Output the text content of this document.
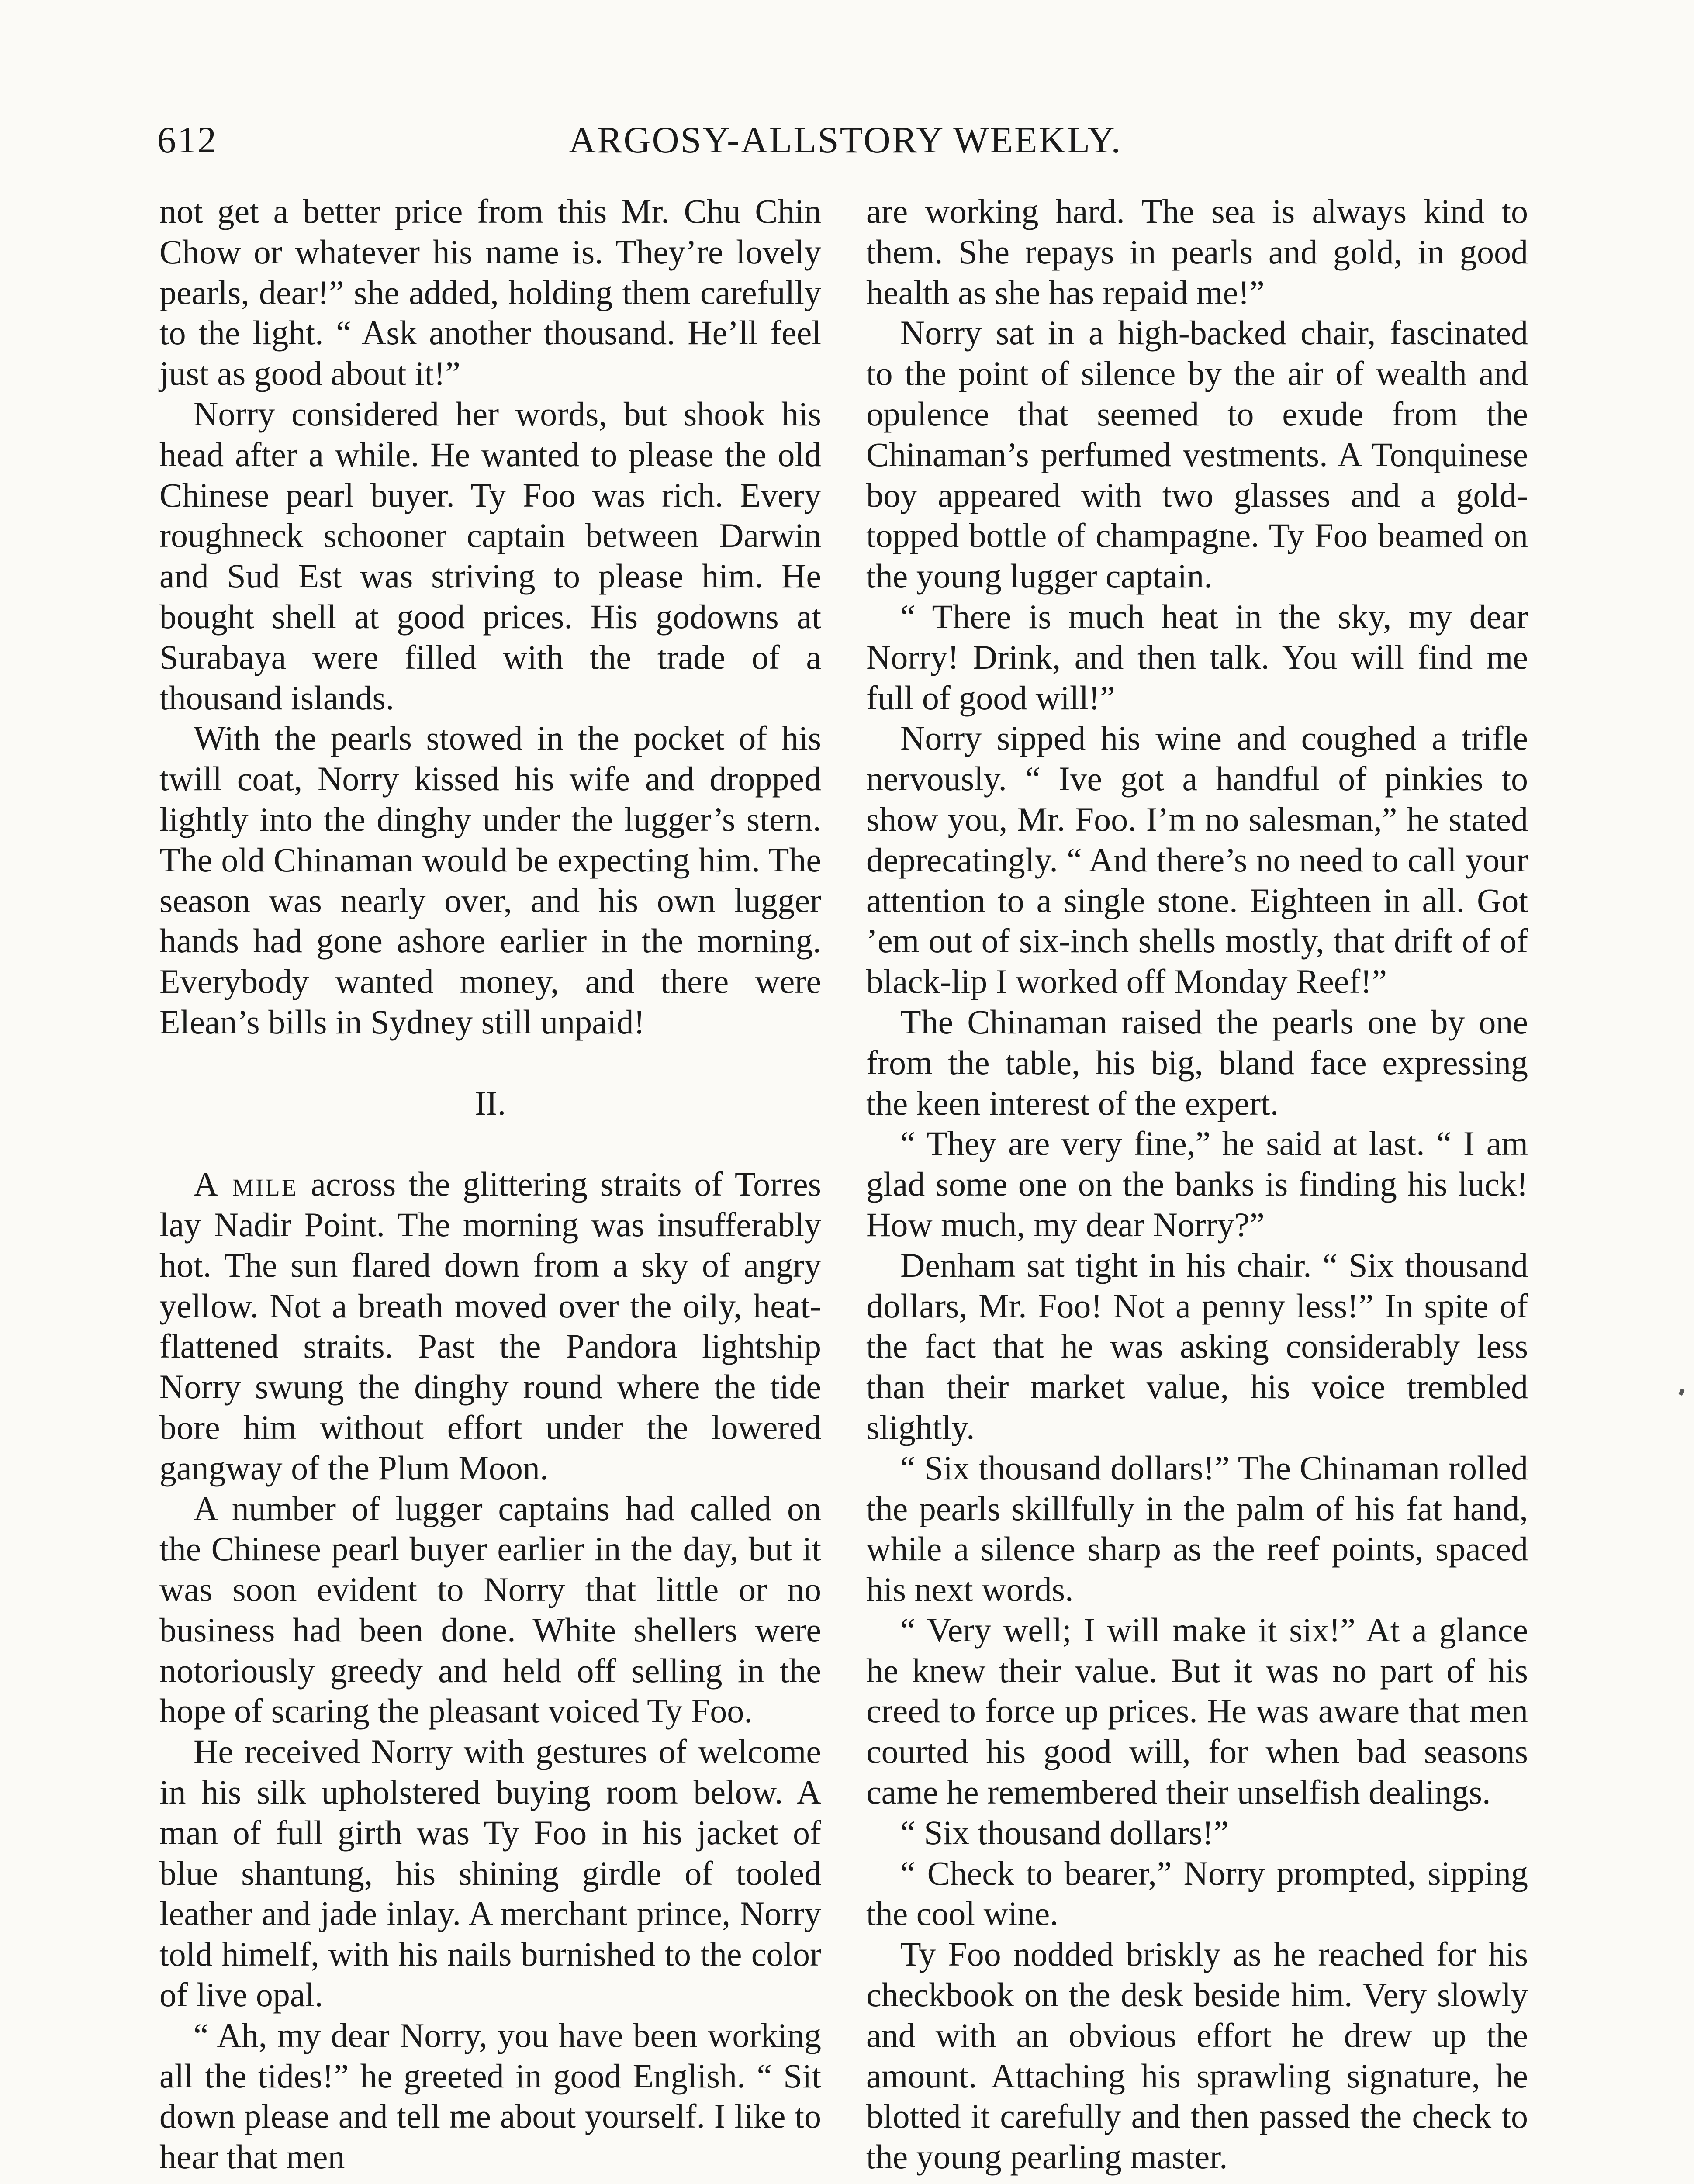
612	ARGOSY-ALLSTORY WEEKLY.

not get a better price from this Mr. Chu Chin Chow or whatever his name is. They’re lovely pearls, dear!” she added, holding them carefully to the light. “ Ask another thousand. He’ll feel just as good about it!”

Norry considered her words, but shook his head after a while. He wanted to please the old Chinese pearl buyer. Ty Foo was rich. Every roughneck schooner captain between Darwin and Sud Est was striving to please him. He bought shell at good prices. His godowns at Surabaya were filled with the trade of a thousand islands.

With the pearls stowed in the pocket of his twill coat, Norry kissed his wife and dropped lightly into the dinghy under the lugger’s stern. The old Chinaman would be expecting him. The season was nearly over, and his own lugger hands had gone ashore earlier in the morning. Everybody wanted money, and there were Elean’s bills in Sydney still unpaid!

II.

A mile across the glittering straits of Torres lay Nadir Point. The morning was insufferably hot. The sun flared down from a sky of angry yellow. Not a breath moved over the oily, heat-flattened straits. Past the Pandora lightship Norry swung the dinghy round where the tide bore him without effort under the lowered gangway of the Plum Moon.

A number of lugger captains had called on the Chinese pearl buyer earlier in the day, but it was soon evident to Norry that little or no business had been done. White shellers were notoriously greedy and held off selling in the hope of scaring the pleasant voiced Ty Foo.

He received Norry with gestures of welcome in his silk upholstered buying room below. A man of full girth was Ty Foo in his jacket of blue shantung, his shining girdle of tooled leather and jade inlay. A merchant prince, Norry told himelf, with his nails burnished to the color of live opal.

“ Ah, my dear Norry, you have been working all the tides!” he greeted in good English. “ Sit down please and tell me about yourself. I like to hear that men

are working hard. The sea is always kind to them. She repays in pearls and gold, in good health as she has repaid me!”

Norry sat in a high-backed chair, fascinated to the point of silence by the air of wealth and opulence that seemed to exude from the Chinaman’s perfumed vestments. A Tonquinese boy appeared with two glasses and a gold-topped bottle of champagne. Ty Foo beamed on the young lugger captain.

“ There is much heat in the sky, my dear Norry! Drink, and then talk. You will find me full of good will!”

Norry sipped his wine and coughed a trifle nervously. “ Ive got a handful of pinkies to show you, Mr. Foo. I’m no salesman,” he stated deprecatingly. “ And there’s no need to call your attention to a single stone. Eighteen in all. Got ’em out of six-inch shells mostly, that drift of of black-lip I worked off Monday Reef!”

The Chinaman raised the pearls one by one from the table, his big, bland face expressing the keen interest of the expert.

“ They are very fine,” he said at last. “ I am glad some one on the banks is finding his luck! How much, my dear Norry?”

Denham sat tight in his chair. “ Six thousand dollars, Mr. Foo! Not a penny less!” In spite of the fact that he was asking considerably less than their market value, his voice trembled slightly.

“ Six thousand dollars!” The Chinaman rolled the pearls skillfully in the palm of his fat hand, while a silence sharp as the reef points, spaced his next words.

“ Very well; I will make it six!” At a glance he knew their value. But it was no part of his creed to force up prices. He was aware that men courted his good will, for when bad seasons came he remembered their unselfish dealings.

“ Six thousand dollars!”

“ Check to bearer,” Norry prompted, sipping the cool wine.

Ty Foo nodded briskly as he reached for his checkbook on the desk beside him. Very slowly and with an obvious effort he drew up the amount. Attaching his sprawling signature, he blotted it carefully and then passed the check to the young pearling master.
